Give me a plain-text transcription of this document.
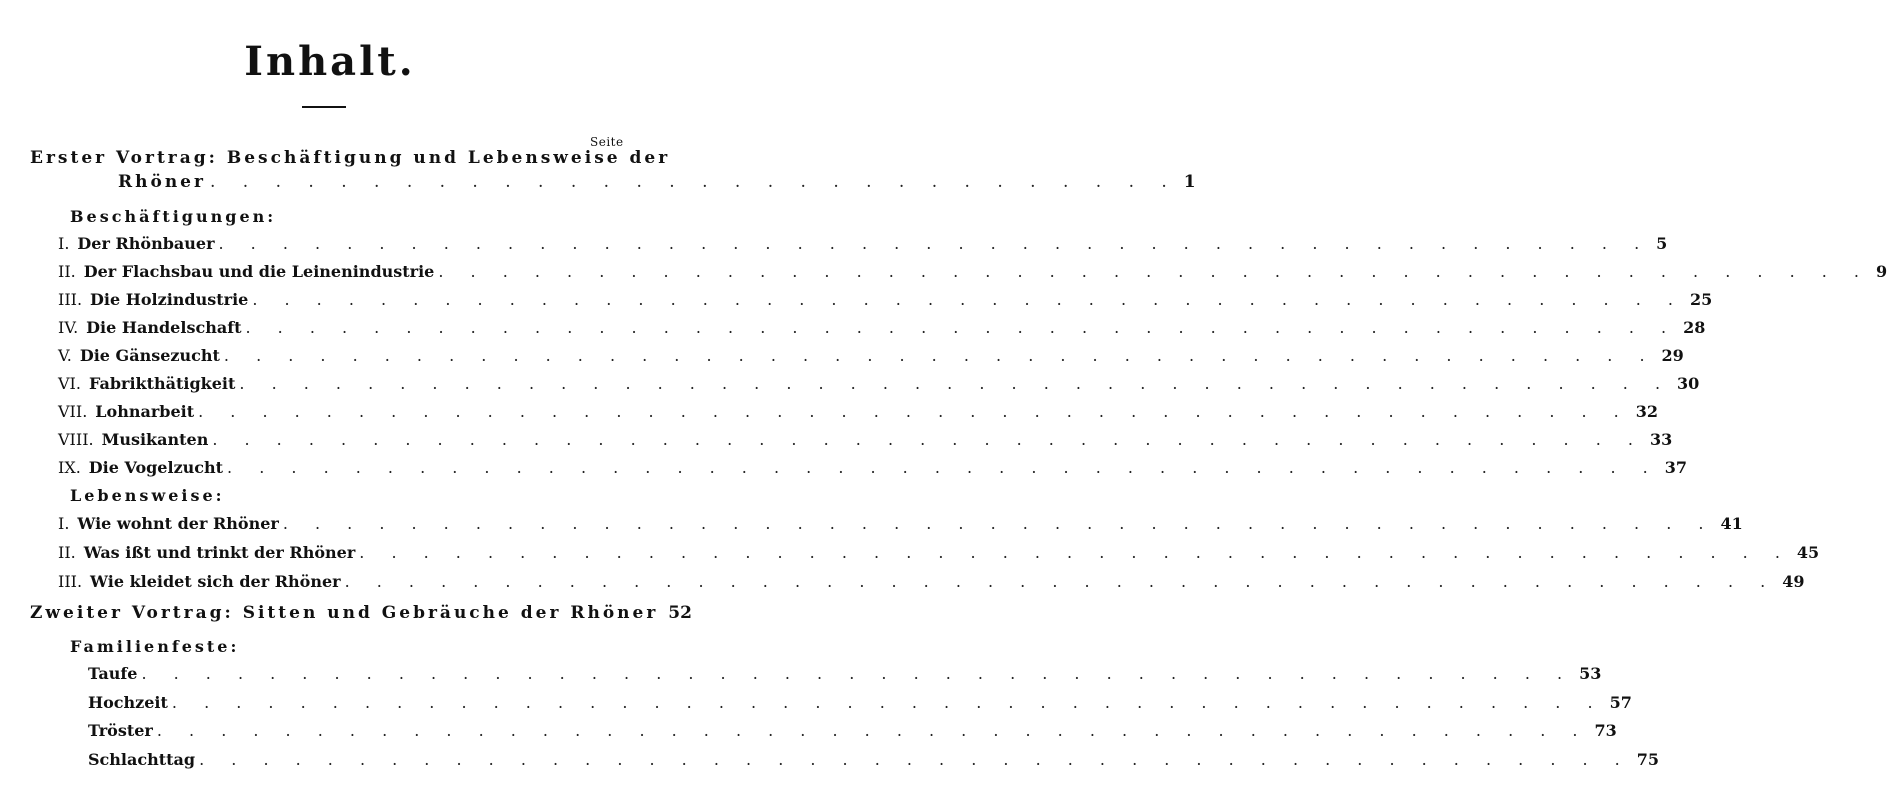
Inhalt.
Seite
Erster Vortrag: Beschäftigung und Lebensweise der
Rhöner . . . . . . . . . . . . . . . . . . . . . . . . . . . . . . 1
Beschäftigungen:
I. Der Rhönbauer . . . . . . . . . . . . . . . . . . . . . . . . . . . . . . . . . . . . . . . . . . . . . 5
II. Der Flachsbau und die Leinenindustrie . . . . . . . . . . . . . . . . . . . . . . . . . . . . . . . . . . . . . . . . . . . . . 9
III. Die Holzindustrie . . . . . . . . . . . . . . . . . . . . . . . . . . . . . . . . . . . . . . . . . . . . . 25
IV. Die Handelschaft . . . . . . . . . . . . . . . . . . . . . . . . . . . . . . . . . . . . . . . . . . . . . 28
V. Die Gänsezucht . . . . . . . . . . . . . . . . . . . . . . . . . . . . . . . . . . . . . . . . . . . . . 29
VI. Fabrikthätigkeit . . . . . . . . . . . . . . . . . . . . . . . . . . . . . . . . . . . . . . . . . . . . . 30
VII. Lohnarbeit . . . . . . . . . . . . . . . . . . . . . . . . . . . . . . . . . . . . . . . . . . . . . 32
VIII. Musikanten . . . . . . . . . . . . . . . . . . . . . . . . . . . . . . . . . . . . . . . . . . . . . 33
IX. Die Vogelzucht . . . . . . . . . . . . . . . . . . . . . . . . . . . . . . . . . . . . . . . . . . . . . 37
Lebensweise:
I. Wie wohnt der Rhöner . . . . . . . . . . . . . . . . . . . . . . . . . . . . . . . . . . . . . . . . . . . . . 41
II. Was ißt und trinkt der Rhöner . . . . . . . . . . . . . . . . . . . . . . . . . . . . . . . . . . . . . . . . . . . . . 45
III. Wie kleidet sich der Rhöner . . . . . . . . . . . . . . . . . . . . . . . . . . . . . . . . . . . . . . . . . . . . . 49
Zweiter Vortrag: Sitten und Gebräuche der Rhöner 52
Familienfeste:
Taufe . . . . . . . . . . . . . . . . . . . . . . . . . . . . . . . . . . . . . . . . . . . . . 53
Hochzeit . . . . . . . . . . . . . . . . . . . . . . . . . . . . . . . . . . . . . . . . . . . . . 57
Tröster . . . . . . . . . . . . . . . . . . . . . . . . . . . . . . . . . . . . . . . . . . . . . 73
Schlachttag . . . . . . . . . . . . . . . . . . . . . . . . . . . . . . . . . . . . . . . . . . . . . 75
